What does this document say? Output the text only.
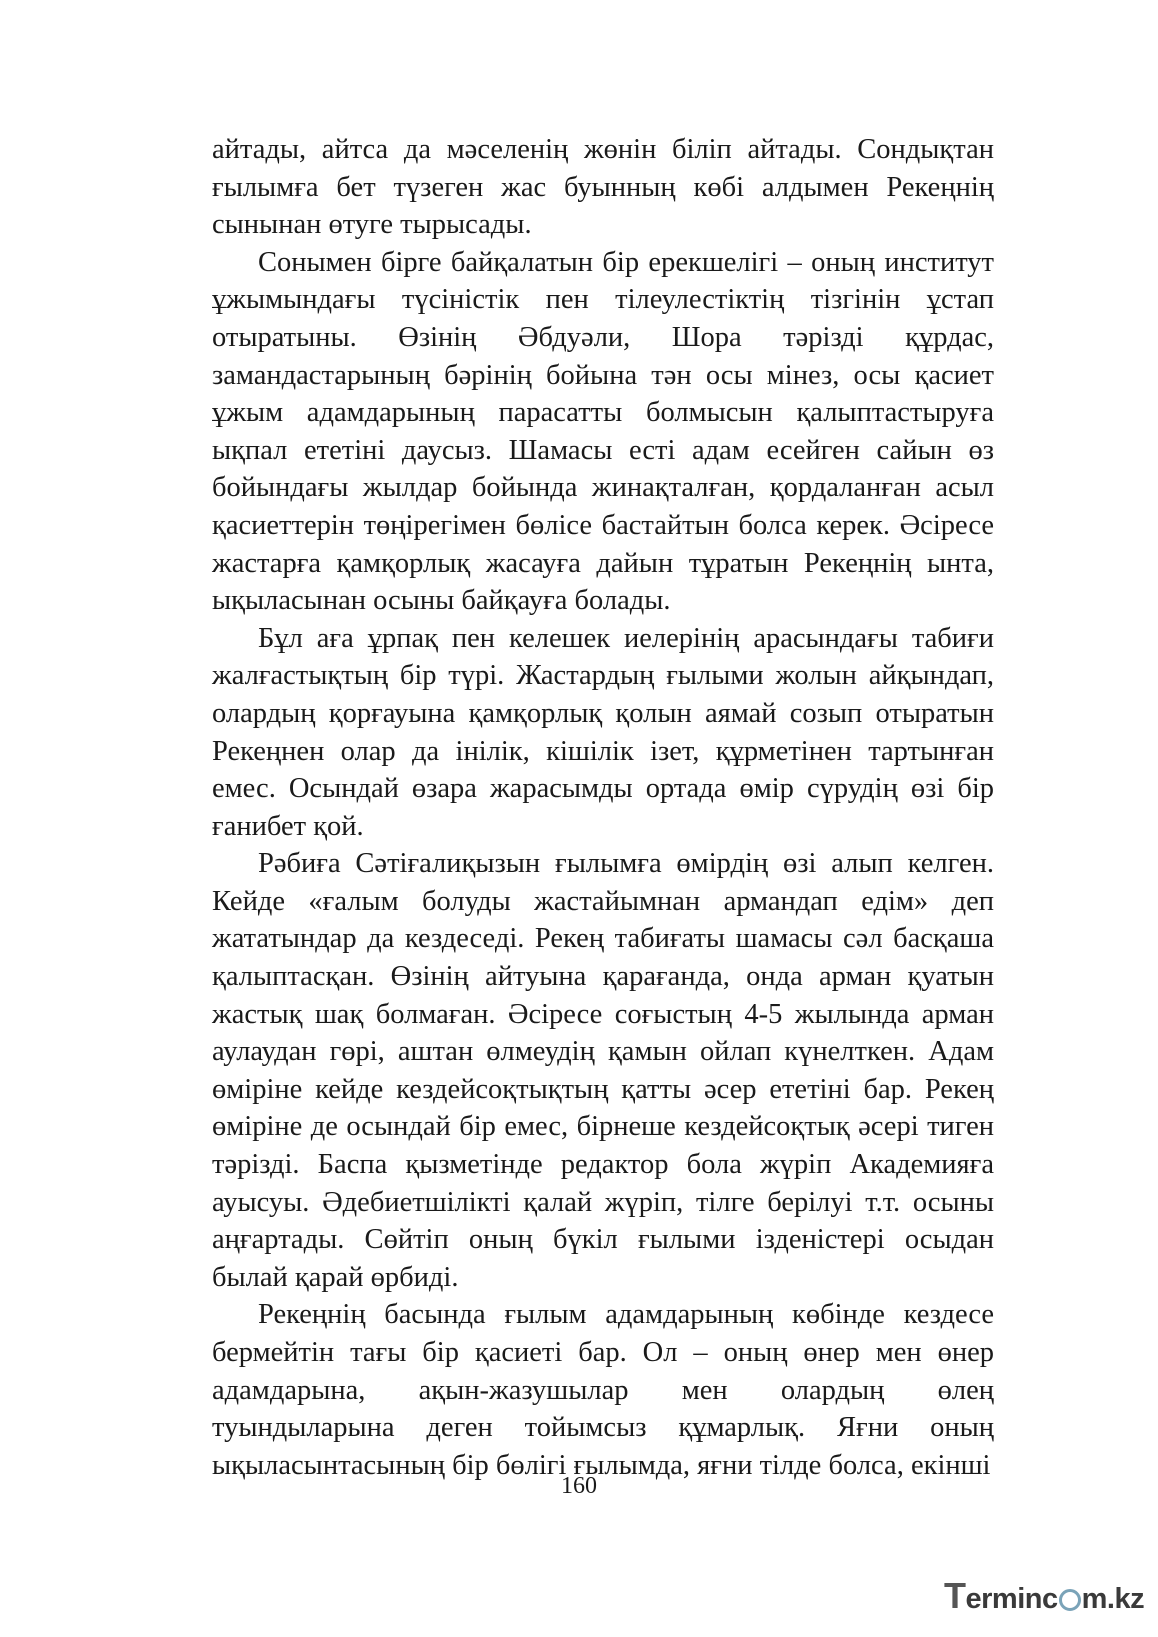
айтады, айтса да мәселенің жөнін біліп айтады. Сондықтан ғылымға бет түзеген жас буынның көбі алдымен Рекеңнің сынынан өтуге тырысады.

Сонымен бірге байқалатын бір ерекшелігі – оның институт ұжымындағы түсіністік пен тілеулестіктің тізгінін ұстап отыратыны. Өзінің Әбдуәли, Шора тәрізді құрдас, замандастарының бәрінің бойына тән осы мінез, осы қасиет ұжым адамдарының парасатты болмысын қалыптастыруға ықпал ететіні даусыз. Шамасы есті адам есейген сайын өз бойындағы жылдар бойында жинақталған, қордаланған асыл қасиеттерін төңірегімен бөлісе бастайтын болса керек. Әсіресе жастарға қамқорлық жасауға дайын тұратын Рекеңнің ынта, ықыласынан осыны байқауға болады.

Бұл аға ұрпақ пен келешек иелерінің арасындағы табиғи жалғастықтың бір түрі. Жастардың ғылыми жолын айқындап, олардың қорғауына қамқорлық қолын аямай созып отыратын Рекеңнен олар да інілік, кішілік ізет, құрметінен тартынған емес. Осындай өзара жарасымды ортада өмір сүрудің өзі бір ғанибет қой.

Рәбиға Сәтіғалиқызын ғылымға өмірдің өзі алып келген. Кейде «ғалым болуды жастайымнан армандап едім» деп жататындар да кездеседі. Рекең табиғаты шамасы сәл басқаша қалыптасқан. Өзінің айтуына қарағанда, онда арман қуатын жастық шақ болмаған. Әсіресе соғыстың 4-5 жылында арман аулаудан гөрі, аштан өлмеудің қамын ойлап күнелткен. Адам өміріне кейде кездейсоқтықтың қатты әсер ететіні бар. Рекең өміріне де осындай бір емес, бірнеше кездейсоқтық әсері тиген тәрізді. Баспа қызметінде редактор бола жүріп Академияға ауысуы. Әдебиетшілікті қалай жүріп, тілге берілуі т.т. осыны аңғартады. Сөйтіп оның бүкіл ғылыми ізденістері осыдан былай қарай өрбиді.

Рекеңнің басында ғылым адамдарының көбінде кездесе бермейтін тағы бір қасиеті бар. Ол – оның өнер мен өнер адамдарына, ақын-жазушылар мен олардың өлең туындыларына деген тойымсыз құмарлық. Яғни оның ықыласынтасының бір бөлігі ғылымда, яғни тілде болса, екінші

160
Terminc m.kz
